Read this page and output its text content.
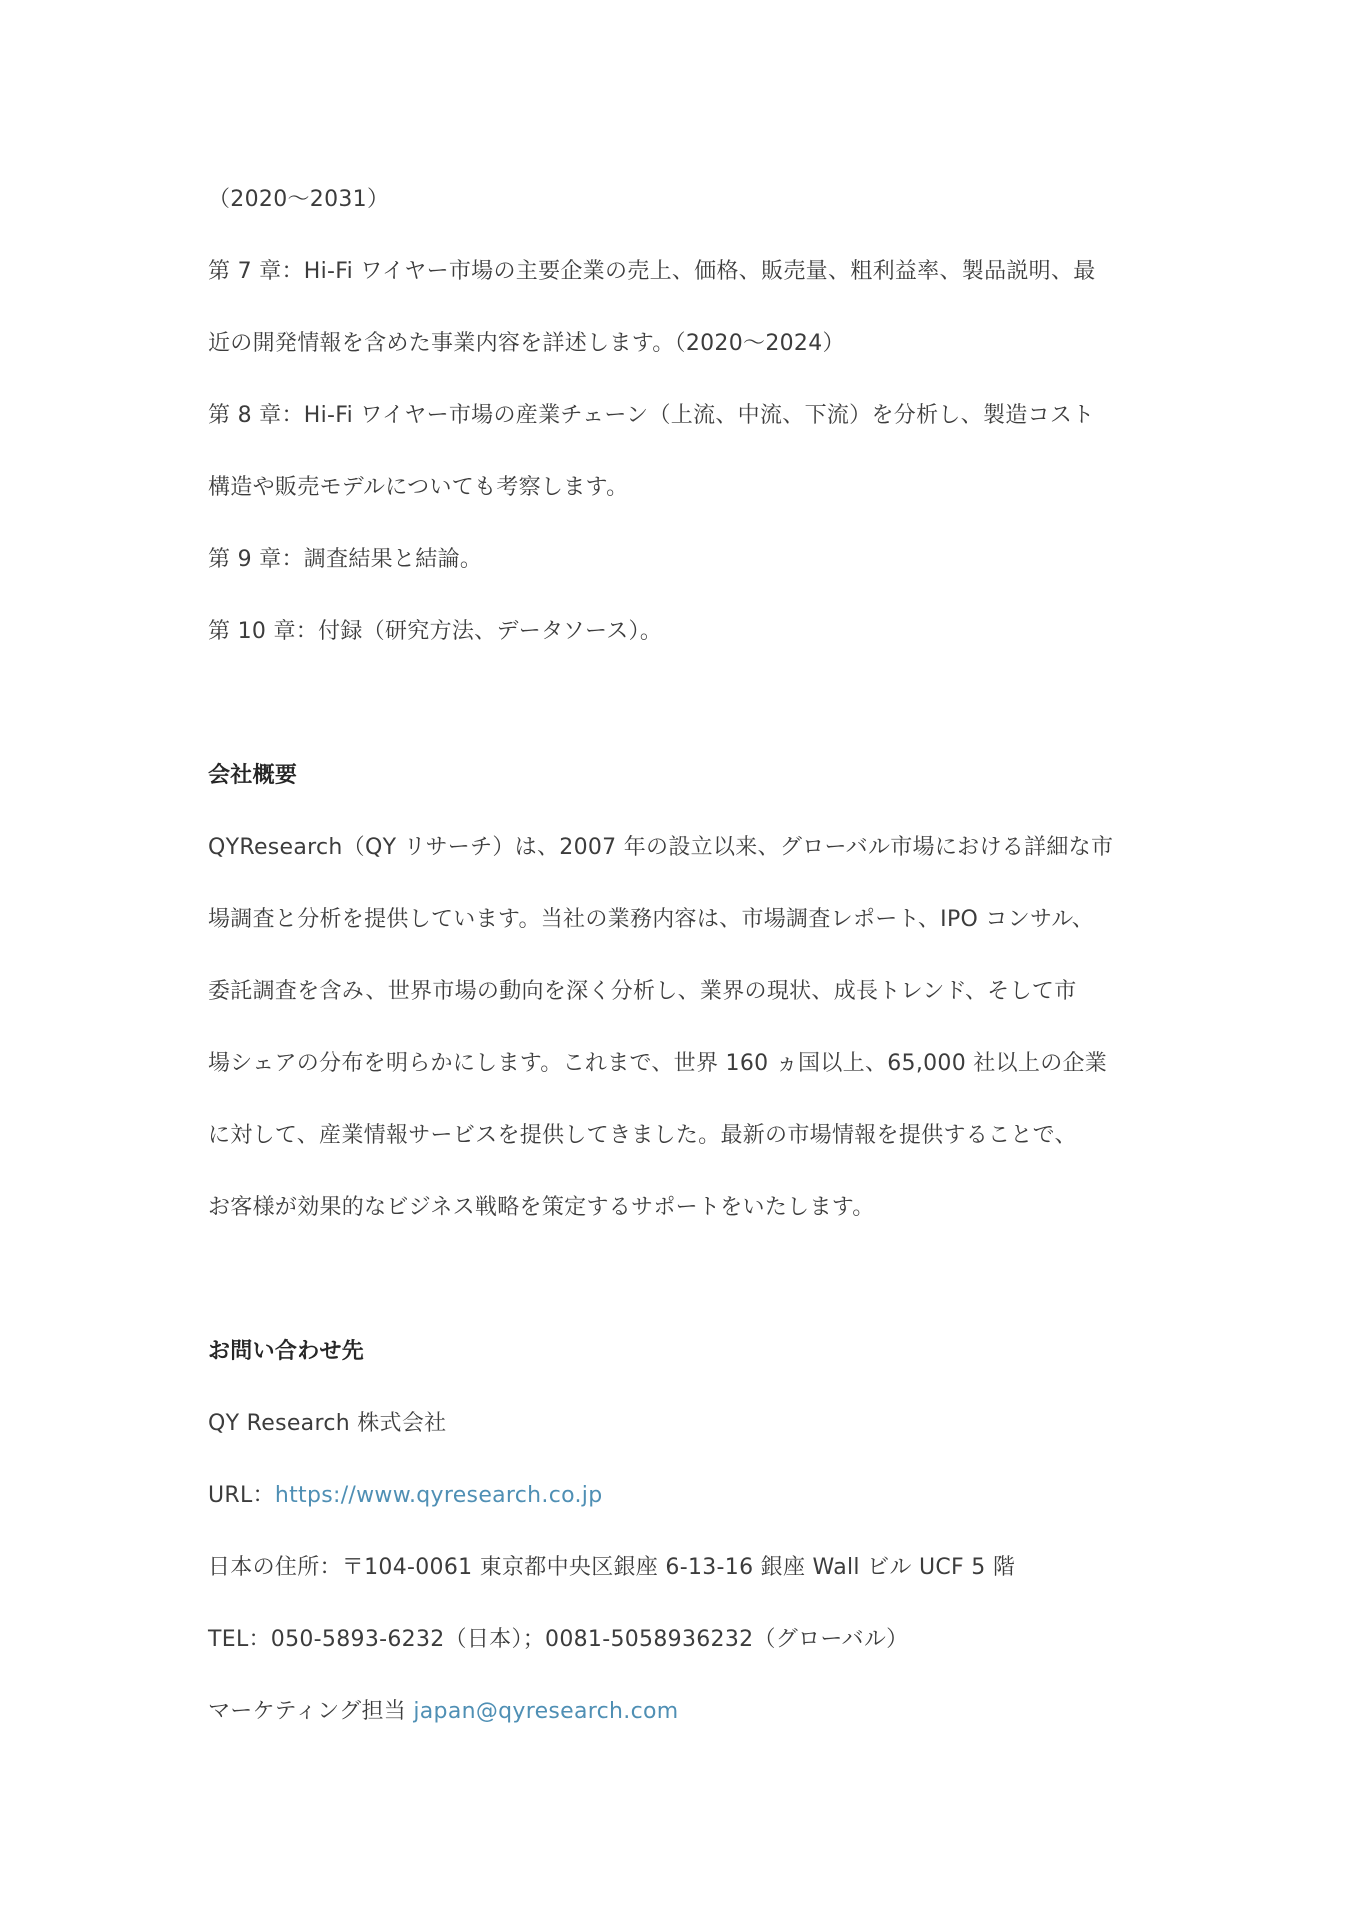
（2020～2031）
第 7 章：Hi-Fi ワイヤー市場の主要企業の売上、価格、販売量、粗利益率、製品説明、最
近の開発情報を含めた事業内容を詳述します。（2020～2024）
第 8 章：Hi-Fi ワイヤー市場の産業チェーン（上流、中流、下流）を分析し、製造コスト
構造や販売モデルについても考察します。
第 9 章：調査結果と結論。
第 10 章：付録（研究方法、データソース）。
会社概要
QYResearch（QY リサーチ）は、2007 年の設立以来、グローバル市場における詳細な市
場調査と分析を提供しています。当社の業務内容は、市場調査レポート、IPO コンサル、
委託調査を含み、世界市場の動向を深く分析し、業界の現状、成長トレンド、そして市
場シェアの分布を明らかにします。これまで、世界 160 ヵ国以上、65,000 社以上の企業
に対して、産業情報サービスを提供してきました。最新の市場情報を提供することで、
お客様が効果的なビジネス戦略を策定するサポートをいたします。
お問い合わせ先
QY Research 株式会社
URL：https://www.qyresearch.co.jp
日本の住所：〒104-0061 東京都中央区銀座 6-13-16 銀座 Wall ビル UCF 5 階
TEL：050-5893-6232（日本）；0081-5058936232（グローバル）
マーケティング担当 japan@qyresearch.com
